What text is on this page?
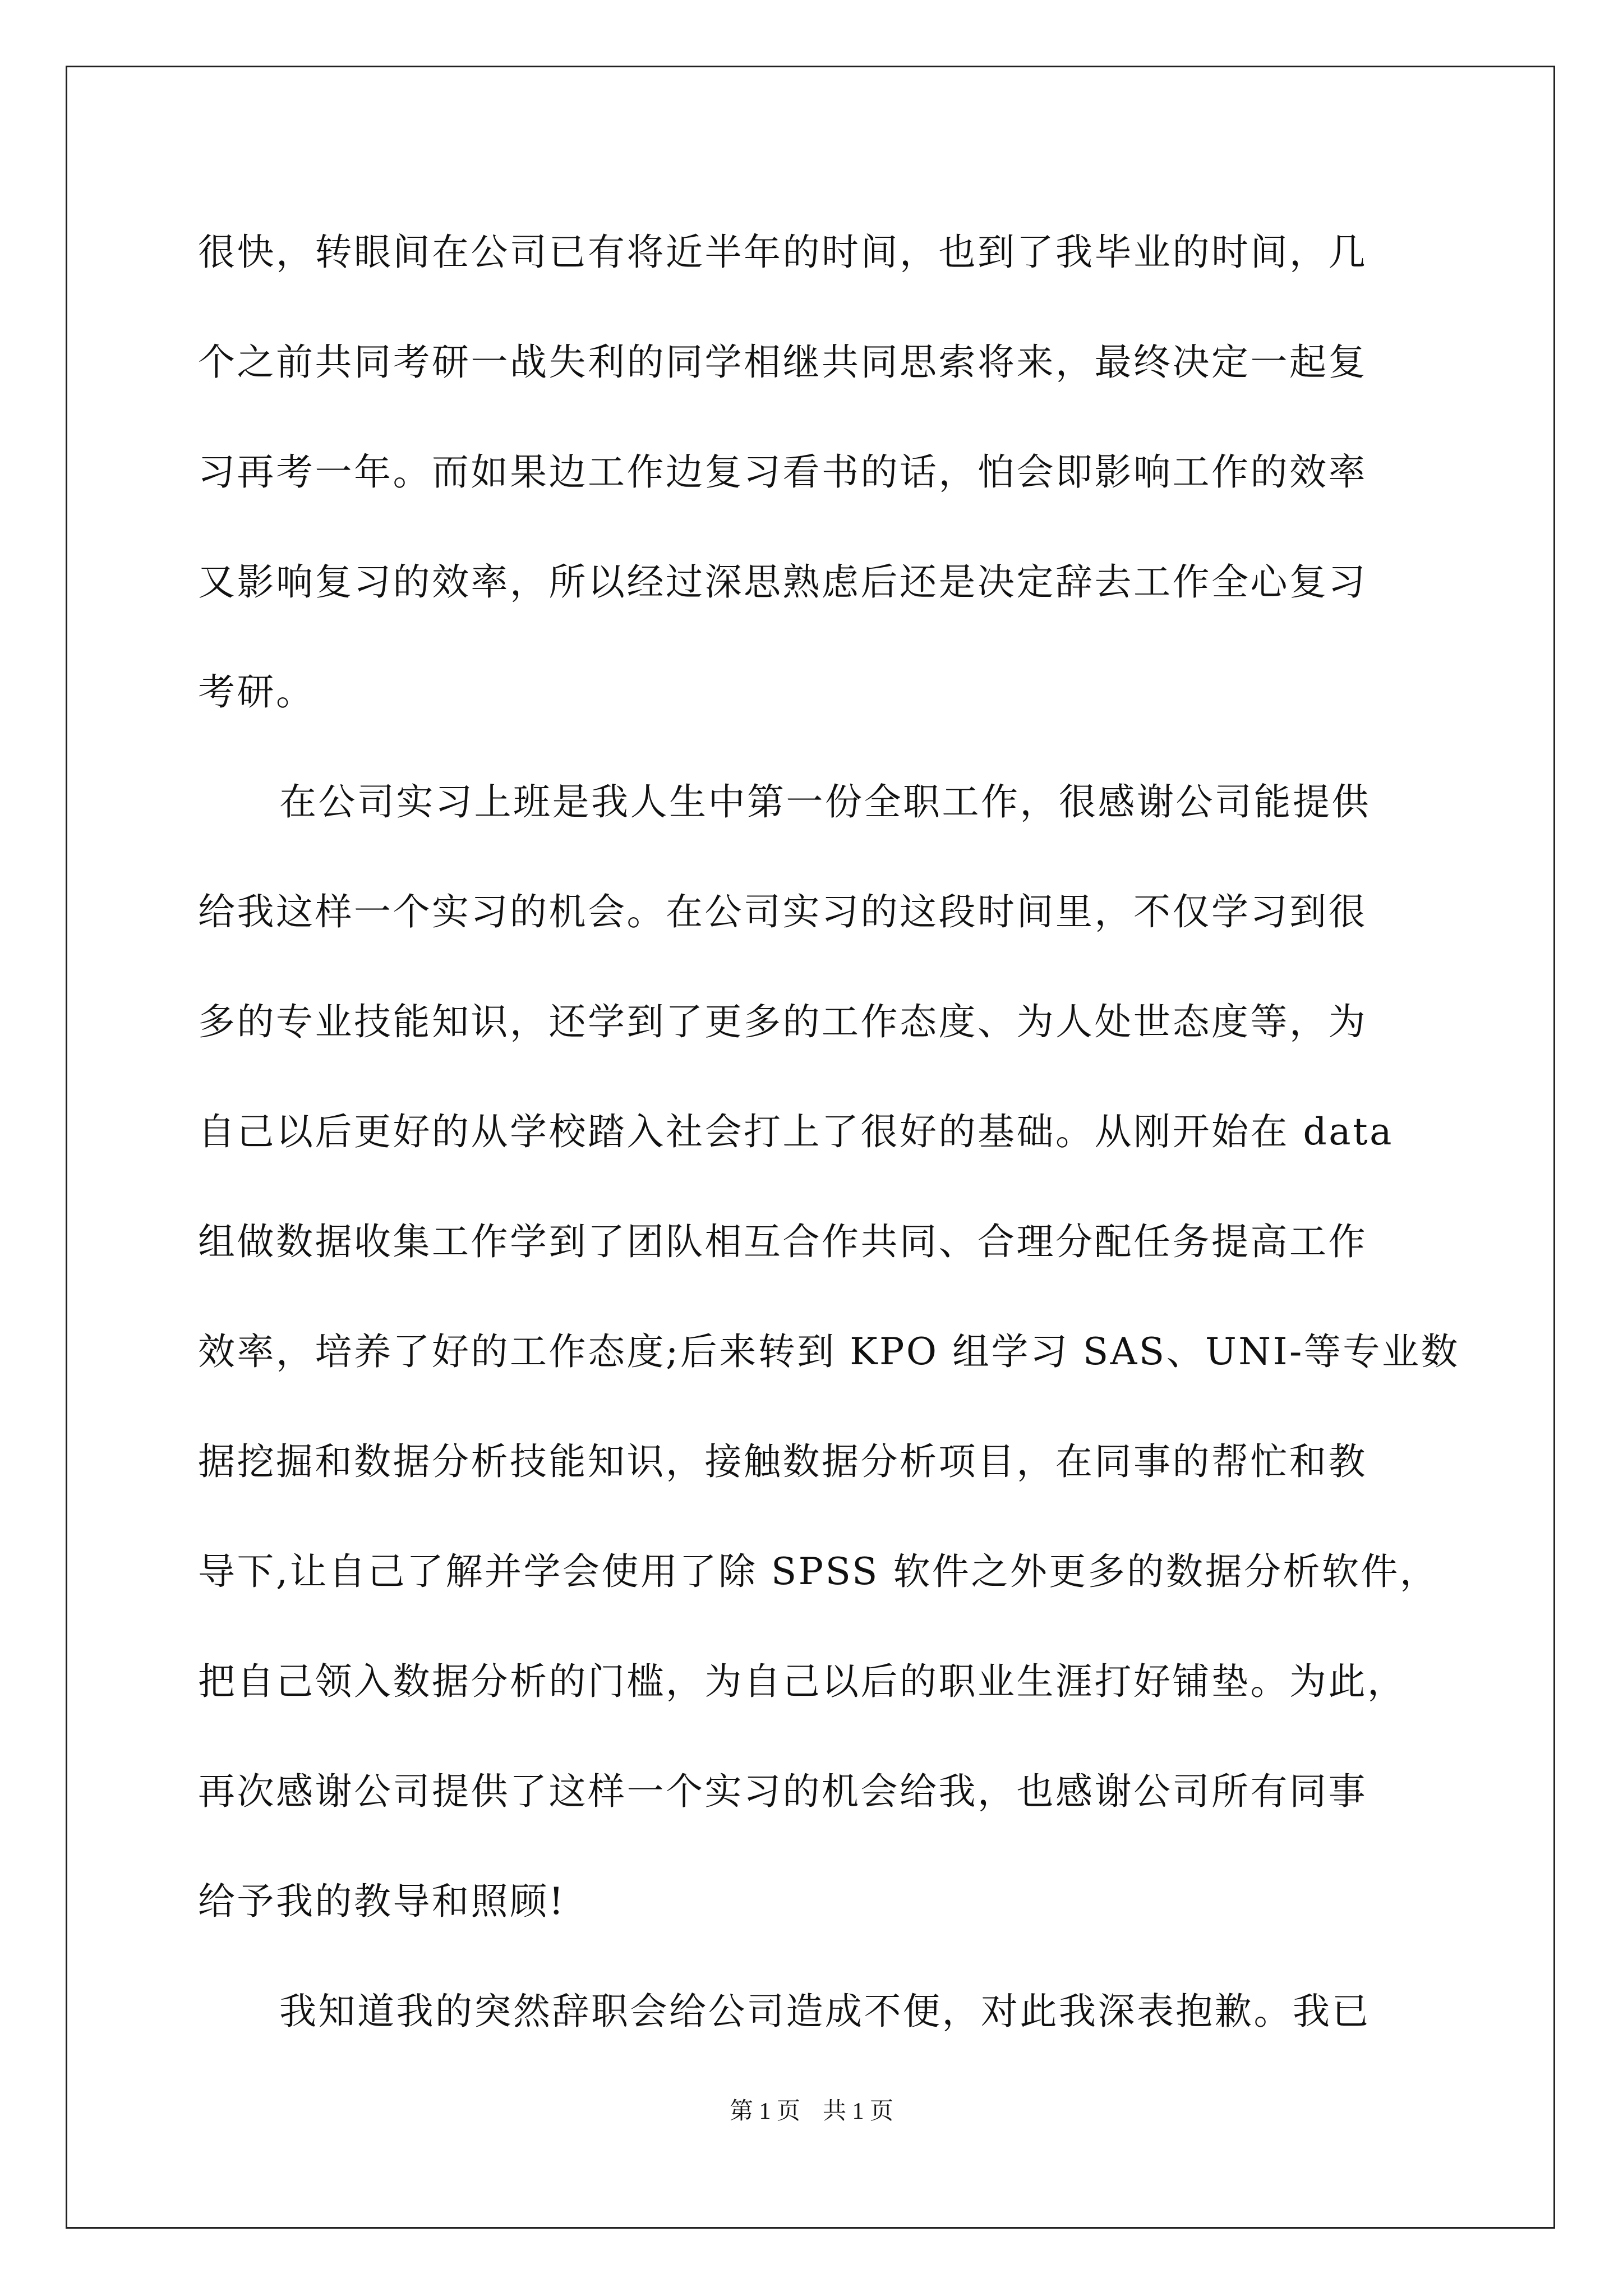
很快，转眼间在公司已有将近半年的时间，也到了我毕业的时间，几
个之前共同考研一战失利的同学相继共同思索将来，最终决定一起复
习再考一年。而如果边工作边复习看书的话，怕会即影响工作的效率
又影响复习的效率，所以经过深思熟虑后还是决定辞去工作全心复习
考研。
在公司实习上班是我人生中第一份全职工作，很感谢公司能提供
给我这样一个实习的机会。在公司实习的这段时间里，不仅学习到很
多的专业技能知识，还学到了更多的工作态度、为人处世态度等，为
自己以后更好的从学校踏入社会打上了很好的基础。从刚开始在 data
组做数据收集工作学到了团队相互合作共同、合理分配任务提高工作
效率，培养了好的工作态度;后来转到 KPO 组学习 SAS、UNI-等专业数
据挖掘和数据分析技能知识，接触数据分析项目，在同事的帮忙和教
导下,让自己了解并学会使用了除 SPSS 软件之外更多的数据分析软件，
把自己领入数据分析的门槛，为自己以后的职业生涯打好铺垫。为此，
再次感谢公司提供了这样一个实习的机会给我，也感谢公司所有同事
给予我的教导和照顾!
我知道我的突然辞职会给公司造成不便，对此我深表抱歉。我已
第 1 页 共 1 页
